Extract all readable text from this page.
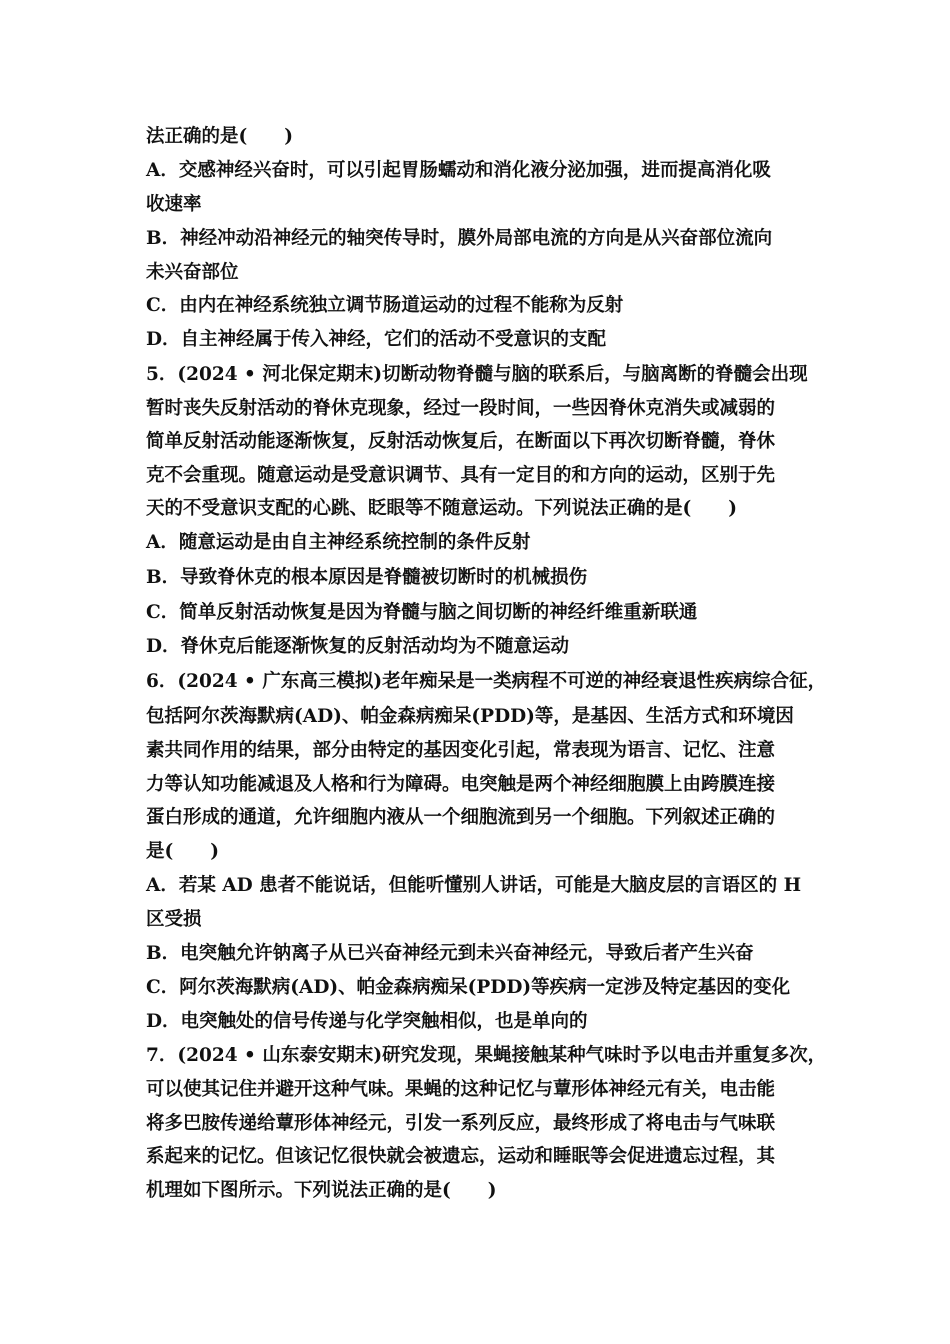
法正确的是(　　)
A．交感神经兴奋时，可以引起胃肠蠕动和消化液分泌加强，进而提高消化吸
收速率
B．神经冲动沿神经元的轴突传导时，膜外局部电流的方向是从兴奋部位流向
未兴奋部位
C．由内在神经系统独立调节肠道运动的过程不能称为反射
D．自主神经属于传入神经，它们的活动不受意识的支配
5．(2024 • 河北保定期末)切断动物脊髓与脑的联系后，与脑离断的脊髓会出现
暂时丧失反射活动的脊休克现象，经过一段时间，一些因脊休克消失或减弱的
简单反射活动能逐渐恢复，反射活动恢复后，在断面以下再次切断脊髓，脊休
克不会重现。随意运动是受意识调节、具有一定目的和方向的运动，区别于先
天的不受意识支配的心跳、眨眼等不随意运动。下列说法正确的是(　　)
A．随意运动是由自主神经系统控制的条件反射
B．导致脊休克的根本原因是脊髓被切断时的机械损伤
C．简单反射活动恢复是因为脊髓与脑之间切断的神经纤维重新联通
D．脊休克后能逐渐恢复的反射活动均为不随意运动
6．(2024 • 广东高三模拟)老年痴呆是一类病程不可逆的神经衰退性疾病综合征，
包括阿尔茨海默病(AD)、帕金森病痴呆(PDD)等，是基因、生活方式和环境因
素共同作用的结果，部分由特定的基因变化引起，常表现为语言、记忆、注意
力等认知功能减退及人格和行为障碍。电突触是两个神经细胞膜上由跨膜连接
蛋白形成的通道，允许细胞内液从一个细胞流到另一个细胞。下列叙述正确的
是(　　)
A．若某 AD 患者不能说话，但能听懂别人讲话，可能是大脑皮层的言语区的 H
区受损
B．电突触允许钠离子从已兴奋神经元到未兴奋神经元，导致后者产生兴奋
C．阿尔茨海默病(AD)、帕金森病痴呆(PDD)等疾病一定涉及特定基因的变化
D．电突触处的信号传递与化学突触相似，也是单向的
7．(2024 • 山东泰安期末)研究发现，果蝇接触某种气味时予以电击并重复多次，
可以使其记住并避开这种气味。果蝇的这种记忆与蕈形体神经元有关，电击能
将多巴胺传递给蕈形体神经元，引发一系列反应，最终形成了将电击与气味联
系起来的记忆。但该记忆很快就会被遗忘，运动和睡眠等会促进遗忘过程，其
机理如下图所示。下列说法正确的是(　　)
